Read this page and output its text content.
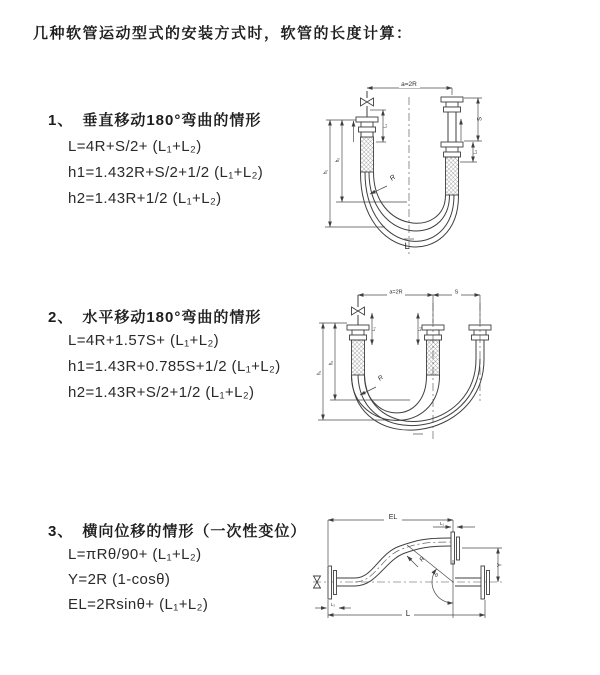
几种软管运动型式的安装方式时，软管的长度计算：
1、 垂直移动180°弯曲的情形
L=4R+S/2+ (L₁+L₂)
h1=1.432R+S/2+1/2 (L₁+L₂)
h2=1.43R+1/2 (L₁+L₂)
2、 水平移动180°弯曲的情形
L=4R+1.57S+ (L₁+L₂)
h1=1.43R+0.785S+1/2 (L₁+L₂)
h2=1.43R+S/2+1/2 (L₁+L₂)
3、 横向位移的情形（一次性变位）
L=πRθ/90+ (L₁+L₂)
Y=2R (1-cosθ)
EL=2Rsinθ+ (L₁+L₂)
a=2R
L₁
S
L₂
h₂
h₁
R
L
a=2R	S
L₁	L₂
h₂
h₁
R
EL
L₁
Y
θ
R
L
L₂
